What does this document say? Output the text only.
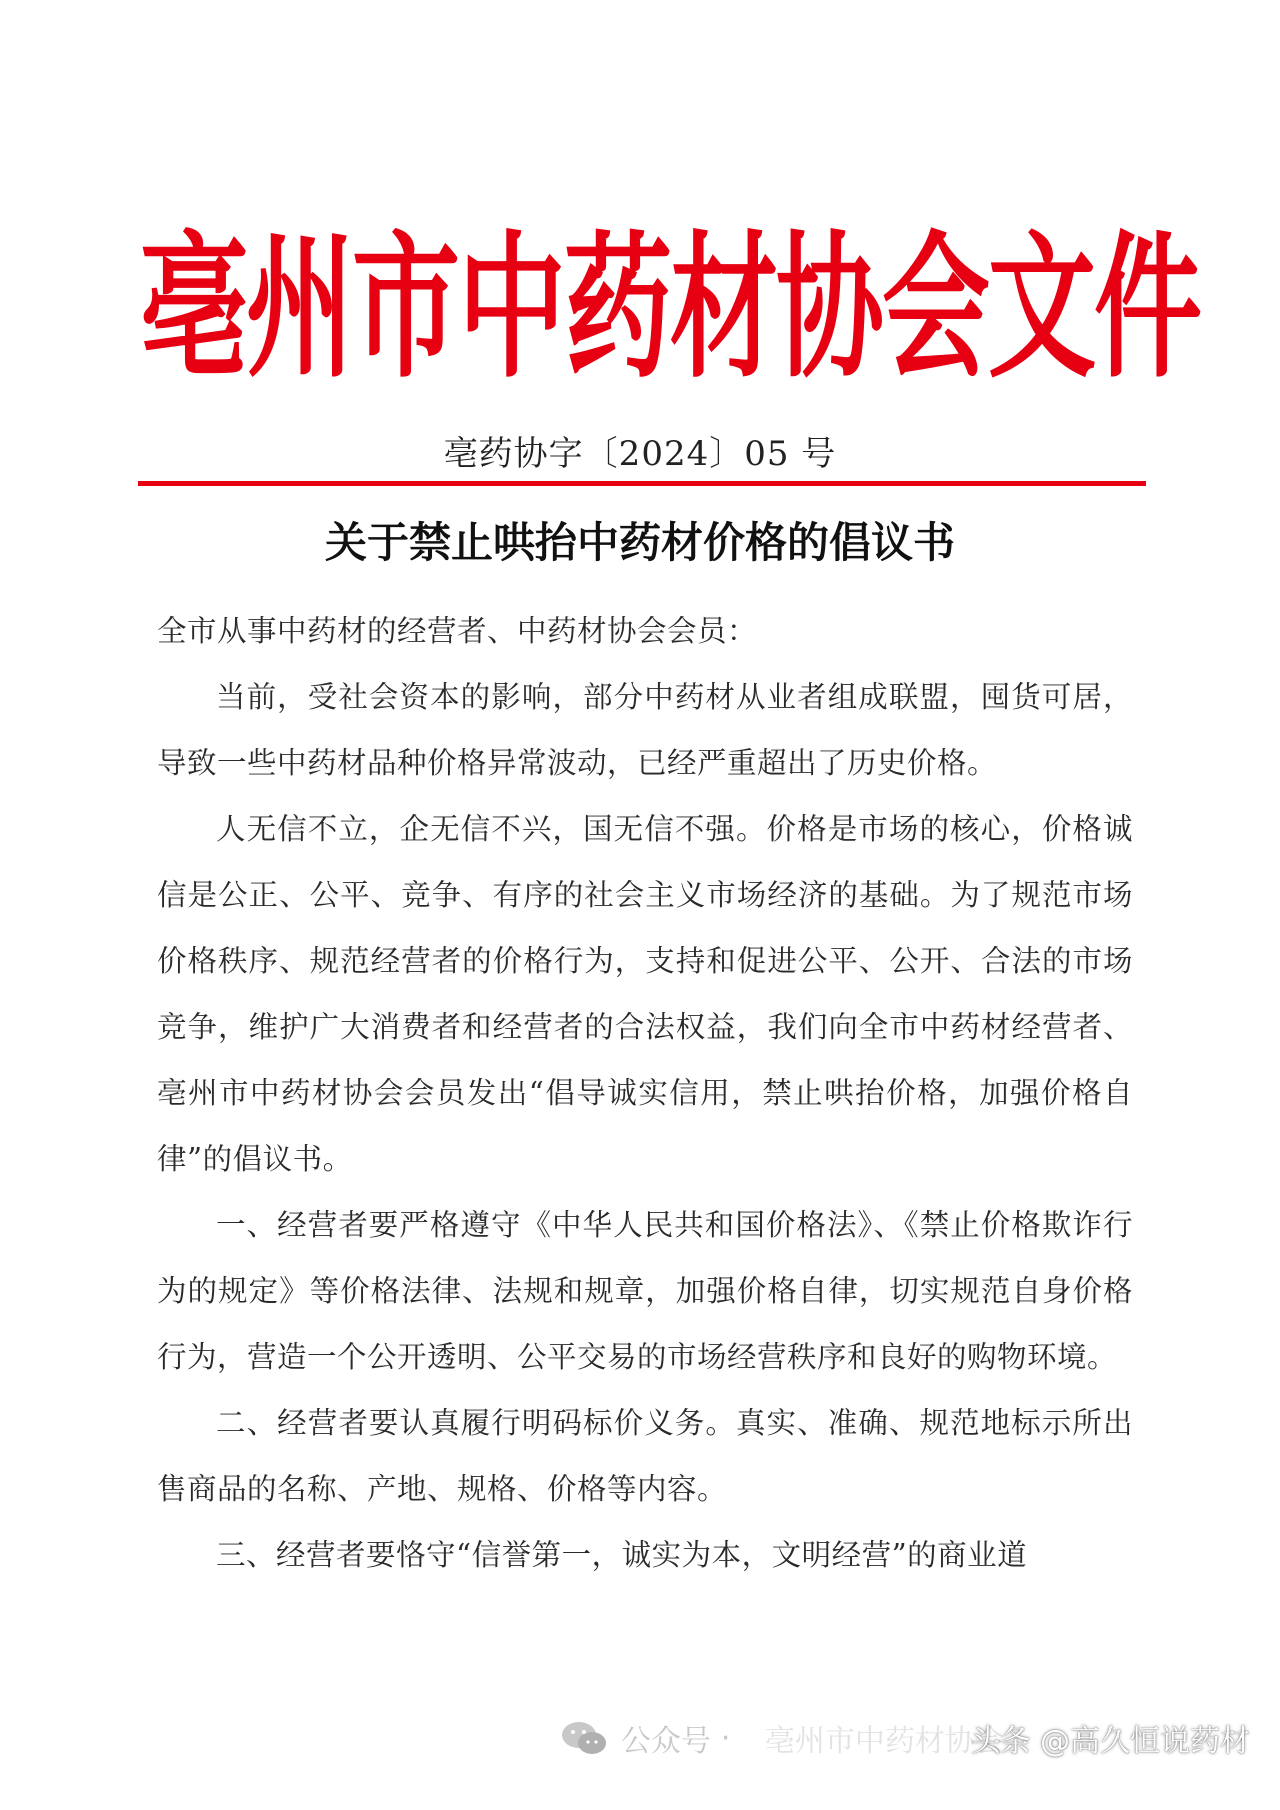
亳州市中药材协会文件
亳药协字〔2024〕05 号
关于禁止哄抬中药材价格的倡议书

全市从事中药材的经营者、中药材协会会员：

当前，受社会资本的影响，部分中药材从业者组成联盟，囤货可居，导致一些中药材品种价格异常波动，已经严重超出了历史价格。

人无信不立，企无信不兴，国无信不强。价格是市场的核心，价格诚信是公正、公平、竞争、有序的社会主义市场经济的基础。为了规范市场价格秩序、规范经营者的价格行为，支持和促进公平、公开、合法的市场竞争，维护广大消费者和经营者的合法权益，我们向全市中药材经营者、亳州市中药材协会会员发出“倡导诚实信用，禁止哄抬价格，加强价格自律”的倡议书。

一、经营者要严格遵守《中华人民共和国价格法》、《禁止价格欺诈行为的规定》等价格法律、法规和规章，加强价格自律，切实规范自身价格行为，营造一个公开透明、公平交易的市场经营秩序和良好的购物环境。

二、经营者要认真履行明码标价义务。真实、准确、规范地标示所出售商品的名称、产地、规格、价格等内容。

三、经营者要恪守“信誉第一，诚实为本，文明经营”的商业道

公众号 · 亳州市中药材协会
头条 @高久恒说药材
